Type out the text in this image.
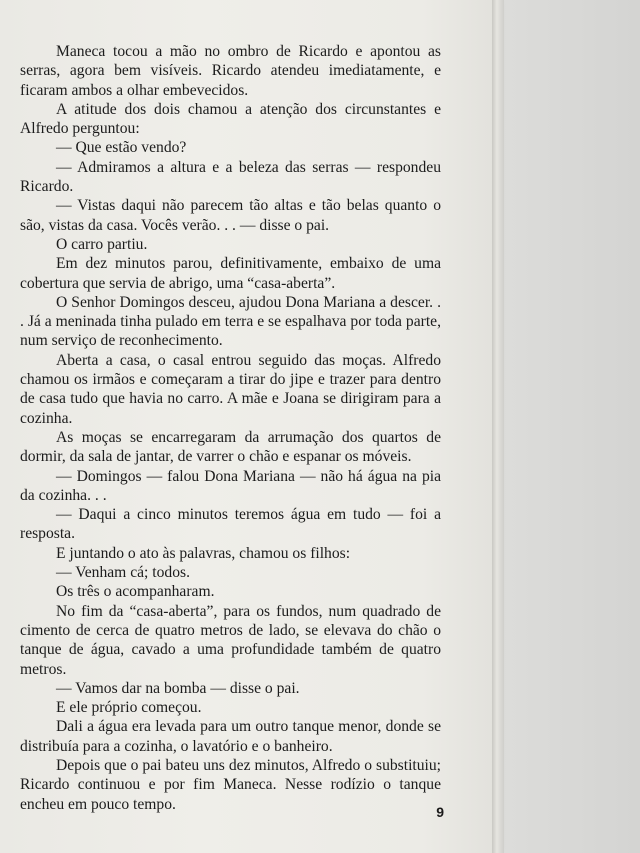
Maneca tocou a mão no ombro de Ricardo e apontou as serras, agora bem visíveis. Ricardo atendeu imediatamente, e ficaram ambos a olhar embevecidos.

A atitude dos dois chamou a atenção dos circunstantes e Alfredo perguntou:

— Que estão vendo?

— Admiramos a altura e a beleza das serras — respondeu Ricardo.

— Vistas daqui não parecem tão altas e tão belas quanto o são, vistas da casa. Vocês verão. . . — disse o pai.

O carro partiu.

Em dez minutos parou, definitivamente, embaixo de uma cobertura que servia de abrigo, uma “casa-aberta”.

O Senhor Domingos desceu, ajudou Dona Mariana a descer. . . Já a meninada tinha pulado em terra e se espalhava por toda parte, num serviço de reconhecimento.

Aberta a casa, o casal entrou seguido das moças. Alfredo chamou os irmãos e começaram a tirar do jipe e trazer para dentro de casa tudo que havia no carro. A mãe e Joana se dirigiram para a cozinha.

As moças se encarregaram da arrumação dos quartos de dormir, da sala de jantar, de varrer o chão e espanar os móveis.

— Domingos — falou Dona Mariana — não há água na pia da cozinha. . .

— Daqui a cinco minutos teremos água em tudo — foi a resposta.

E juntando o ato às palavras, chamou os filhos:

— Venham cá; todos.

Os três o acompanharam.

No fim da “casa-aberta”, para os fundos, num quadrado de cimento de cerca de quatro metros de lado, se elevava do chão o tanque de água, cavado a uma profundidade também de quatro metros.

— Vamos dar na bomba — disse o pai.

E ele próprio começou.

Dali a água era levada para um outro tanque menor, donde se distribuía para a cozinha, o lavatório e o banheiro.

Depois que o pai bateu uns dez minutos, Alfredo o substituiu; Ricardo continuou e por fim Maneca. Nesse rodízio o tanque encheu em pouco tempo.	9
